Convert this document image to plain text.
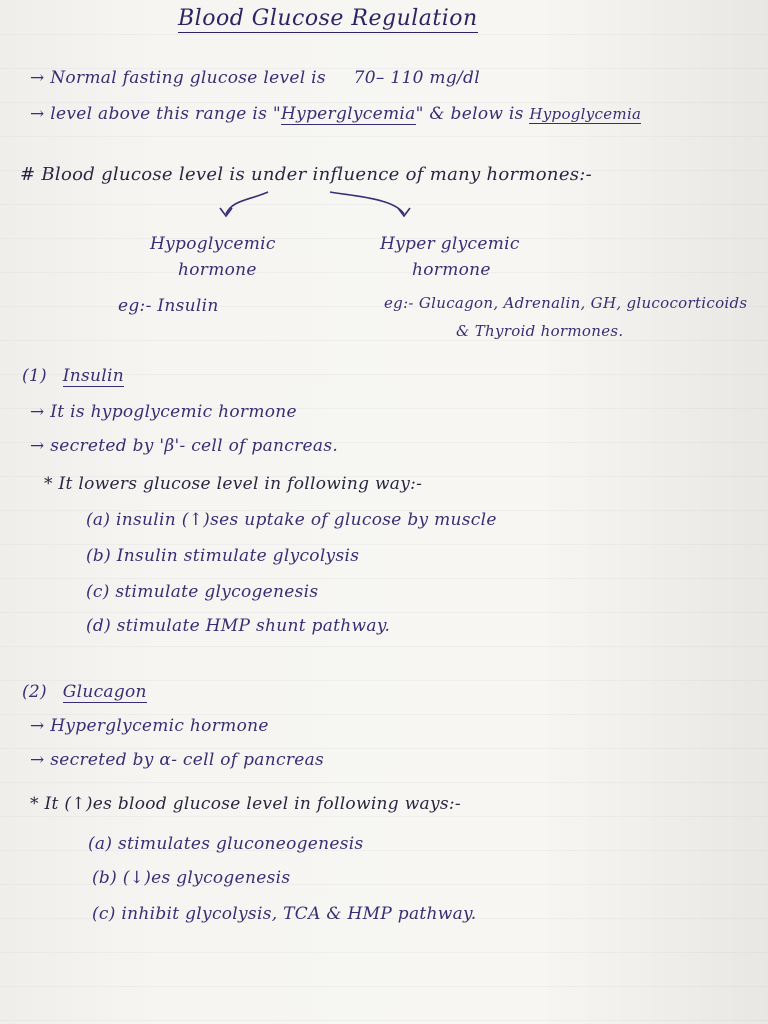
Blood Glucose Regulation
→ Normal fasting glucose level is 70– 110 mg/dl
→ level above this range is "Hyperglycemia" & below is Hypoglycemia
# Blood glucose level is under influence of many hormones:-
Hypoglycemic
hormone
Hyper glycemic
hormone
eg:- Insulin	eg:- Glucagon, Adrenalin, GH, glucocorticoids
& Thyroid hormones.
(1) Insulin
→ It is hypoglycemic hormone
→ secreted by 'β'- cell of pancreas.
* It lowers glucose level in following way:-
(a) insulin (↑)ses uptake of glucose by muscle
(b) Insulin stimulate glycolysis
(c) stimulate glycogenesis
(d) stimulate HMP shunt pathway.
(2) Glucagon
→ Hyperglycemic hormone
→ secreted by α- cell of pancreas
* It (↑)es blood glucose level in following ways:-
(a) stimulates gluconeogenesis
(b) (↓)es glycogenesis
(c) inhibit glycolysis, TCA & HMP pathway.
